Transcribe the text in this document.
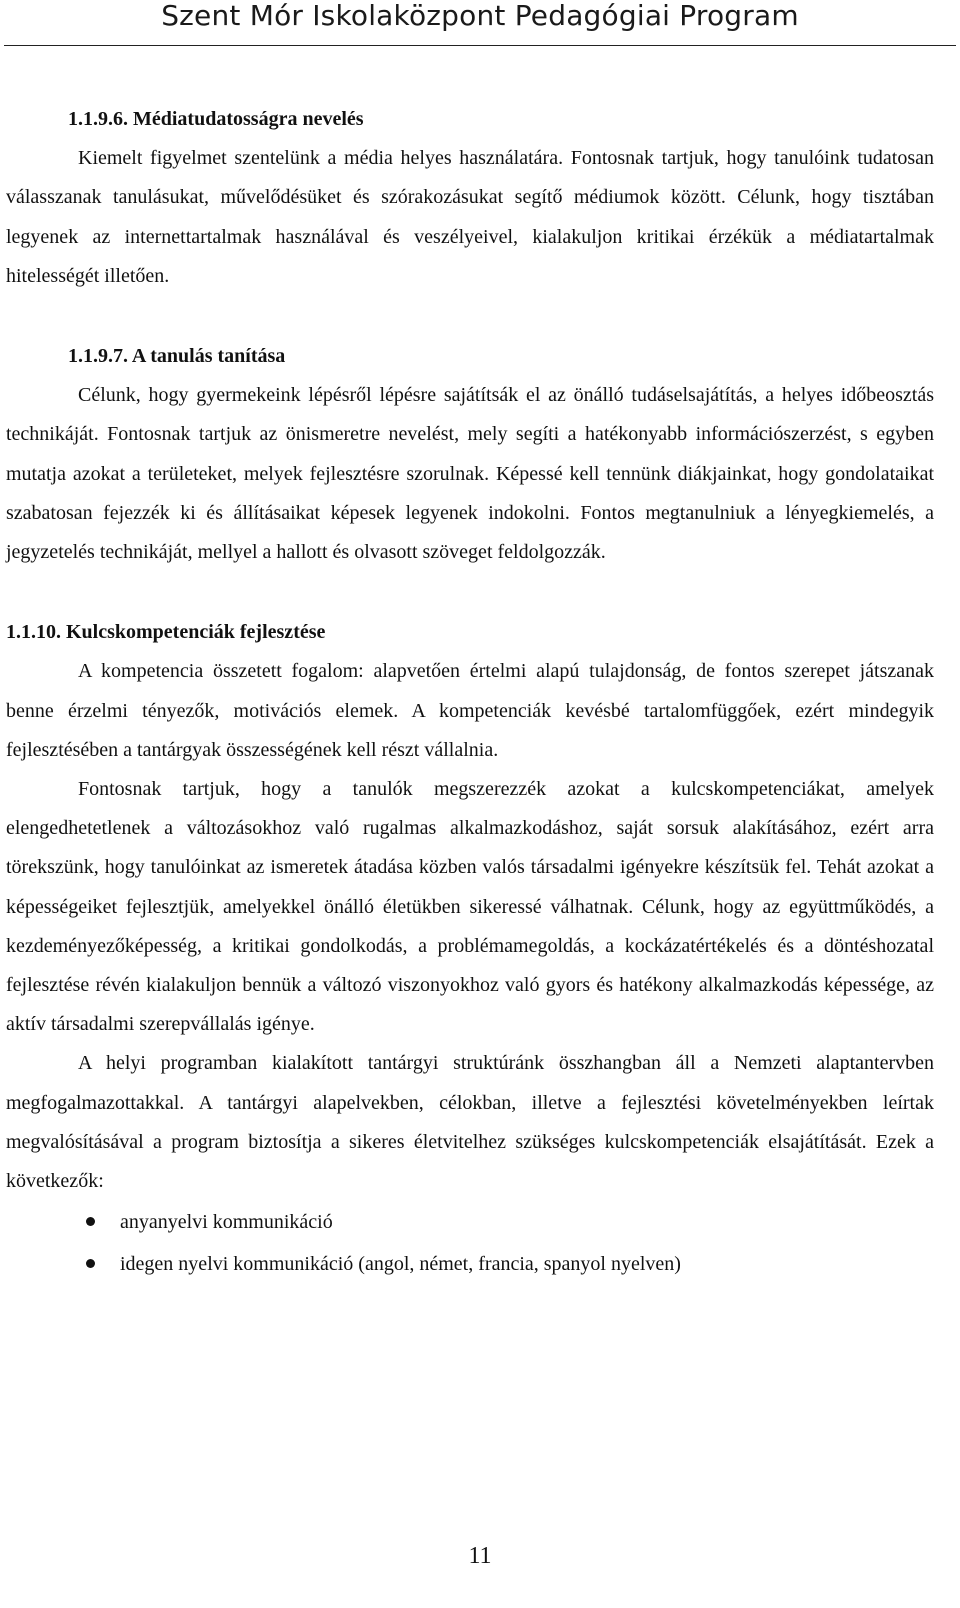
Szent Mór Iskolaközpont Pedagógiai Program

1.1.9.6. Médiatudatosságra nevelés

Kiemelt figyelmet szentelünk a média helyes használatára. Fontosnak tartjuk, hogy tanulóink tudatosan válasszanak tanulásukat, művelődésüket és szórakozásukat segítő médiumok között. Célunk, hogy tisztában legyenek az internettartalmak használával és veszélyeivel, kialakuljon kritikai érzékük a médiatartalmak hitelességét illetően.

1.1.9.7. A tanulás tanítása

Célunk, hogy gyermekeink lépésről lépésre sajátítsák el az önálló tudáselsajátítás, a helyes időbeosztás technikáját. Fontosnak tartjuk az önismeretre nevelést, mely segíti a hatékonyabb információszerzést, s egyben mutatja azokat a területeket, melyek fejlesztésre szorulnak. Képessé kell tennünk diákjainkat, hogy gondolataikat szabatosan fejezzék ki és állításaikat képesek legyenek indokolni. Fontos megtanulniuk a lényegkiemelés, a jegyzetelés technikáját, mellyel a hallott és olvasott szöveget feldolgozzák.

1.1.10. Kulcskompetenciák fejlesztése

A kompetencia összetett fogalom: alapvetően értelmi alapú tulajdonság, de fontos szerepet játszanak benne érzelmi tényezők, motivációs elemek. A kompetenciák kevésbé tartalomfüggőek, ezért mindegyik fejlesztésében a tantárgyak összességének kell részt vállalnia.

Fontosnak tartjuk, hogy a tanulók megszerezzék azokat a kulcskompetenciákat, amelyek elengedhetetlenek a változásokhoz való rugalmas alkalmazkodáshoz, saját sorsuk alakításához, ezért arra törekszünk, hogy tanulóinkat az ismeretek átadása közben valós társadalmi igényekre készítsük fel. Tehát azokat a képességeiket fejlesztjük, amelyekkel önálló életükben sikeressé válhatnak. Célunk, hogy az együttműködés, a kezdeményezőképesség, a kritikai gondolkodás, a problémamegoldás, a kockázatértékelés és a döntéshozatal fejlesztése révén kialakuljon bennük a változó viszonyokhoz való gyors és hatékony alkalmazkodás képessége, az aktív társadalmi szerepvállalás igénye.

A helyi programban kialakított tantárgyi struktúránk összhangban áll a Nemzeti alaptantervben megfogalmazottakkal. A tantárgyi alapelvekben, célokban, illetve a fejlesztési követelményekben leírtak megvalósításával a program biztosítja a sikeres életvitelhez szükséges kulcskompetenciák elsajátítását. Ezek a következők:

anyanyelvi kommunikáció
idegen nyelvi kommunikáció (angol, német, francia, spanyol nyelven)
11
